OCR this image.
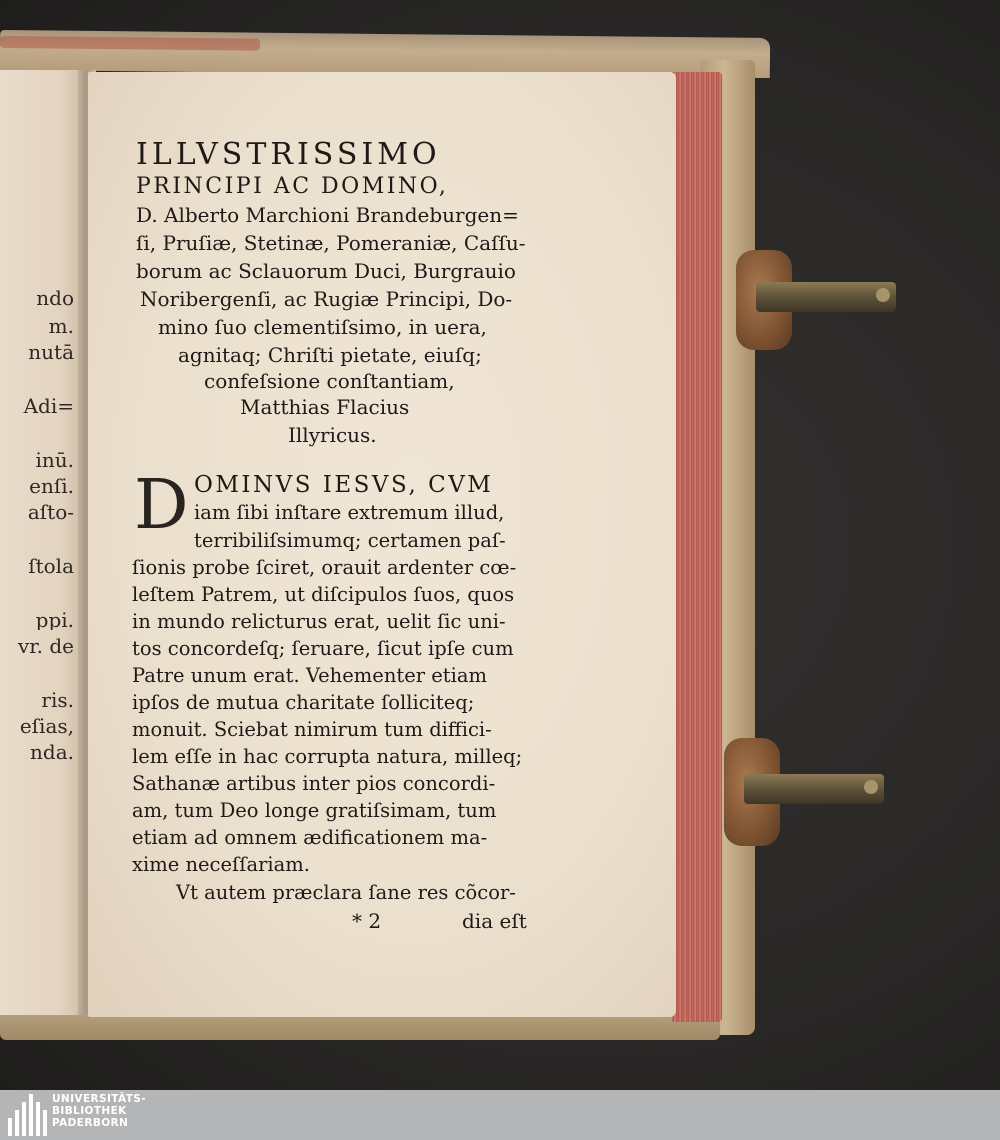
ndo
m.
nutā
Adi=
inū.
enſi.
aſto-
ſtola
ppi.
vr. de
ris.
eſias,
nda.
ILLVSTRISSIMO
PRINCIPI AC DOMINO,
D. Alberto Marchioni Brandeburgen=
ſi, Pruſiæ, Stetinæ, Pomeraniæ, Caſſu-
borum ac Sclauorum Duci, Burgrauio
Noribergenſi, ac Rugiæ Principi, Do-
mino ſuo clementiſsimo, in uera,
agnitaq; Chriſti pietate, eiuſq;
confeſsione conſtantiam,
Matthias Flacius
Illyricus.
D OMINVS IESVS, CVM
iam ſibi inſtare extremum illud,
terribiliſsimumq; certamen paſ-
ſionis probe ſciret, orauit ardenter cœ-
leſtem Patrem, ut diſcipulos ſuos, quos
in mundo relicturus erat, uelit ſic uni-
tos concordeſq; ſeruare, ſicut ipſe cum
Patre unum erat. Vehementer etiam
ipſos de mutua charitate ſolliciteq;
monuit. Sciebat nimirum tum diffici-
lem eſſe in hac corrupta natura, milleq;
Sathanæ artibus inter pios concordi-
am, tum Deo longe gratiſsimam, tum
etiam ad omnem ædificationem ma-
xime neceſſariam.
Vt autem præclara ſane res cõcor-
* 2	dia eſt
UNIVERSITÄTS-
BIBLIOTHEK
PADERBORN
